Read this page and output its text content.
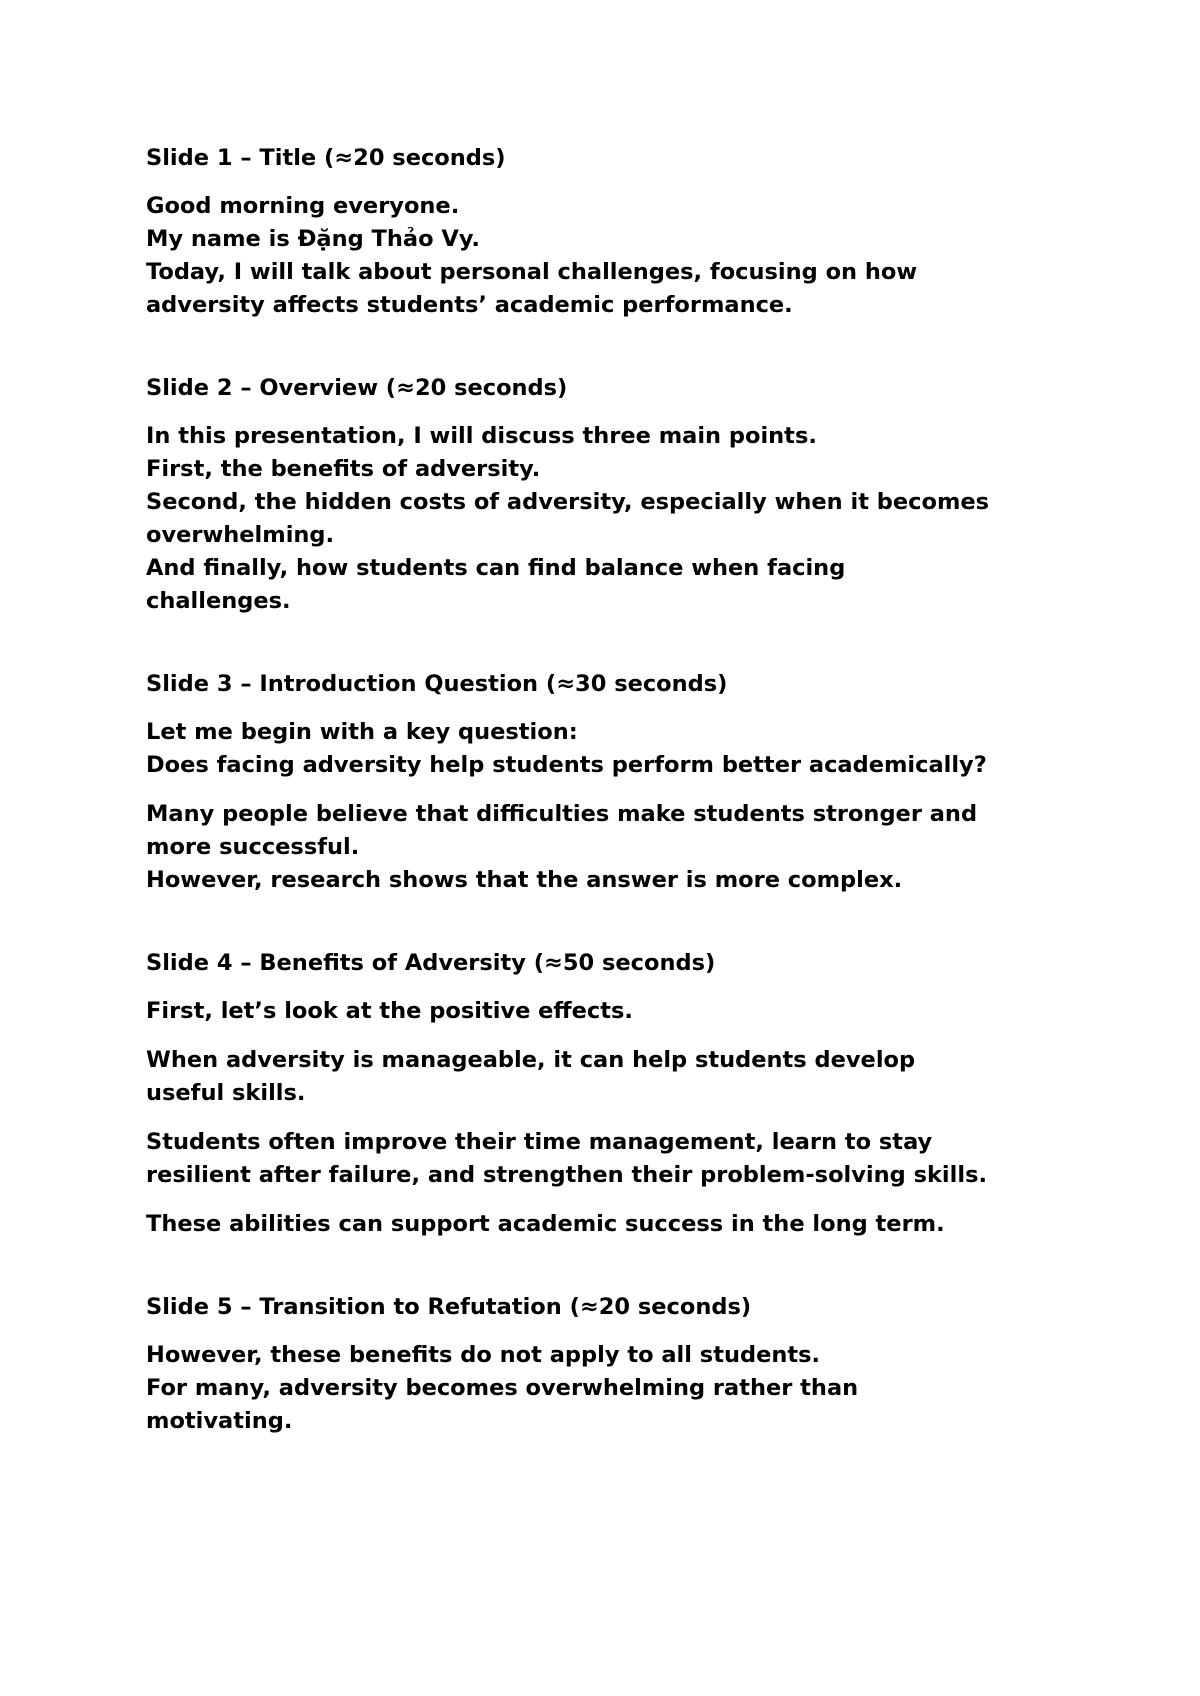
Slide 1 – Title (≈20 seconds)
Good morning everyone.
My name is Đặng Thảo Vy.
Today, I will talk about personal challenges, focusing on how
adversity affects students’ academic performance.
Slide 2 – Overview (≈20 seconds)
In this presentation, I will discuss three main points.
First, the benefits of adversity.
Second, the hidden costs of adversity, especially when it becomes
overwhelming.
And finally, how students can find balance when facing
challenges.
Slide 3 – Introduction Question (≈30 seconds)
Let me begin with a key question:
Does facing adversity help students perform better academically?
Many people believe that difficulties make students stronger and
more successful.
However, research shows that the answer is more complex.
Slide 4 – Benefits of Adversity (≈50 seconds)
First, let’s look at the positive effects.
When adversity is manageable, it can help students develop
useful skills.
Students often improve their time management, learn to stay
resilient after failure, and strengthen their problem-solving skills.
These abilities can support academic success in the long term.
Slide 5 – Transition to Refutation (≈20 seconds)
However, these benefits do not apply to all students.
For many, adversity becomes overwhelming rather than
motivating.
